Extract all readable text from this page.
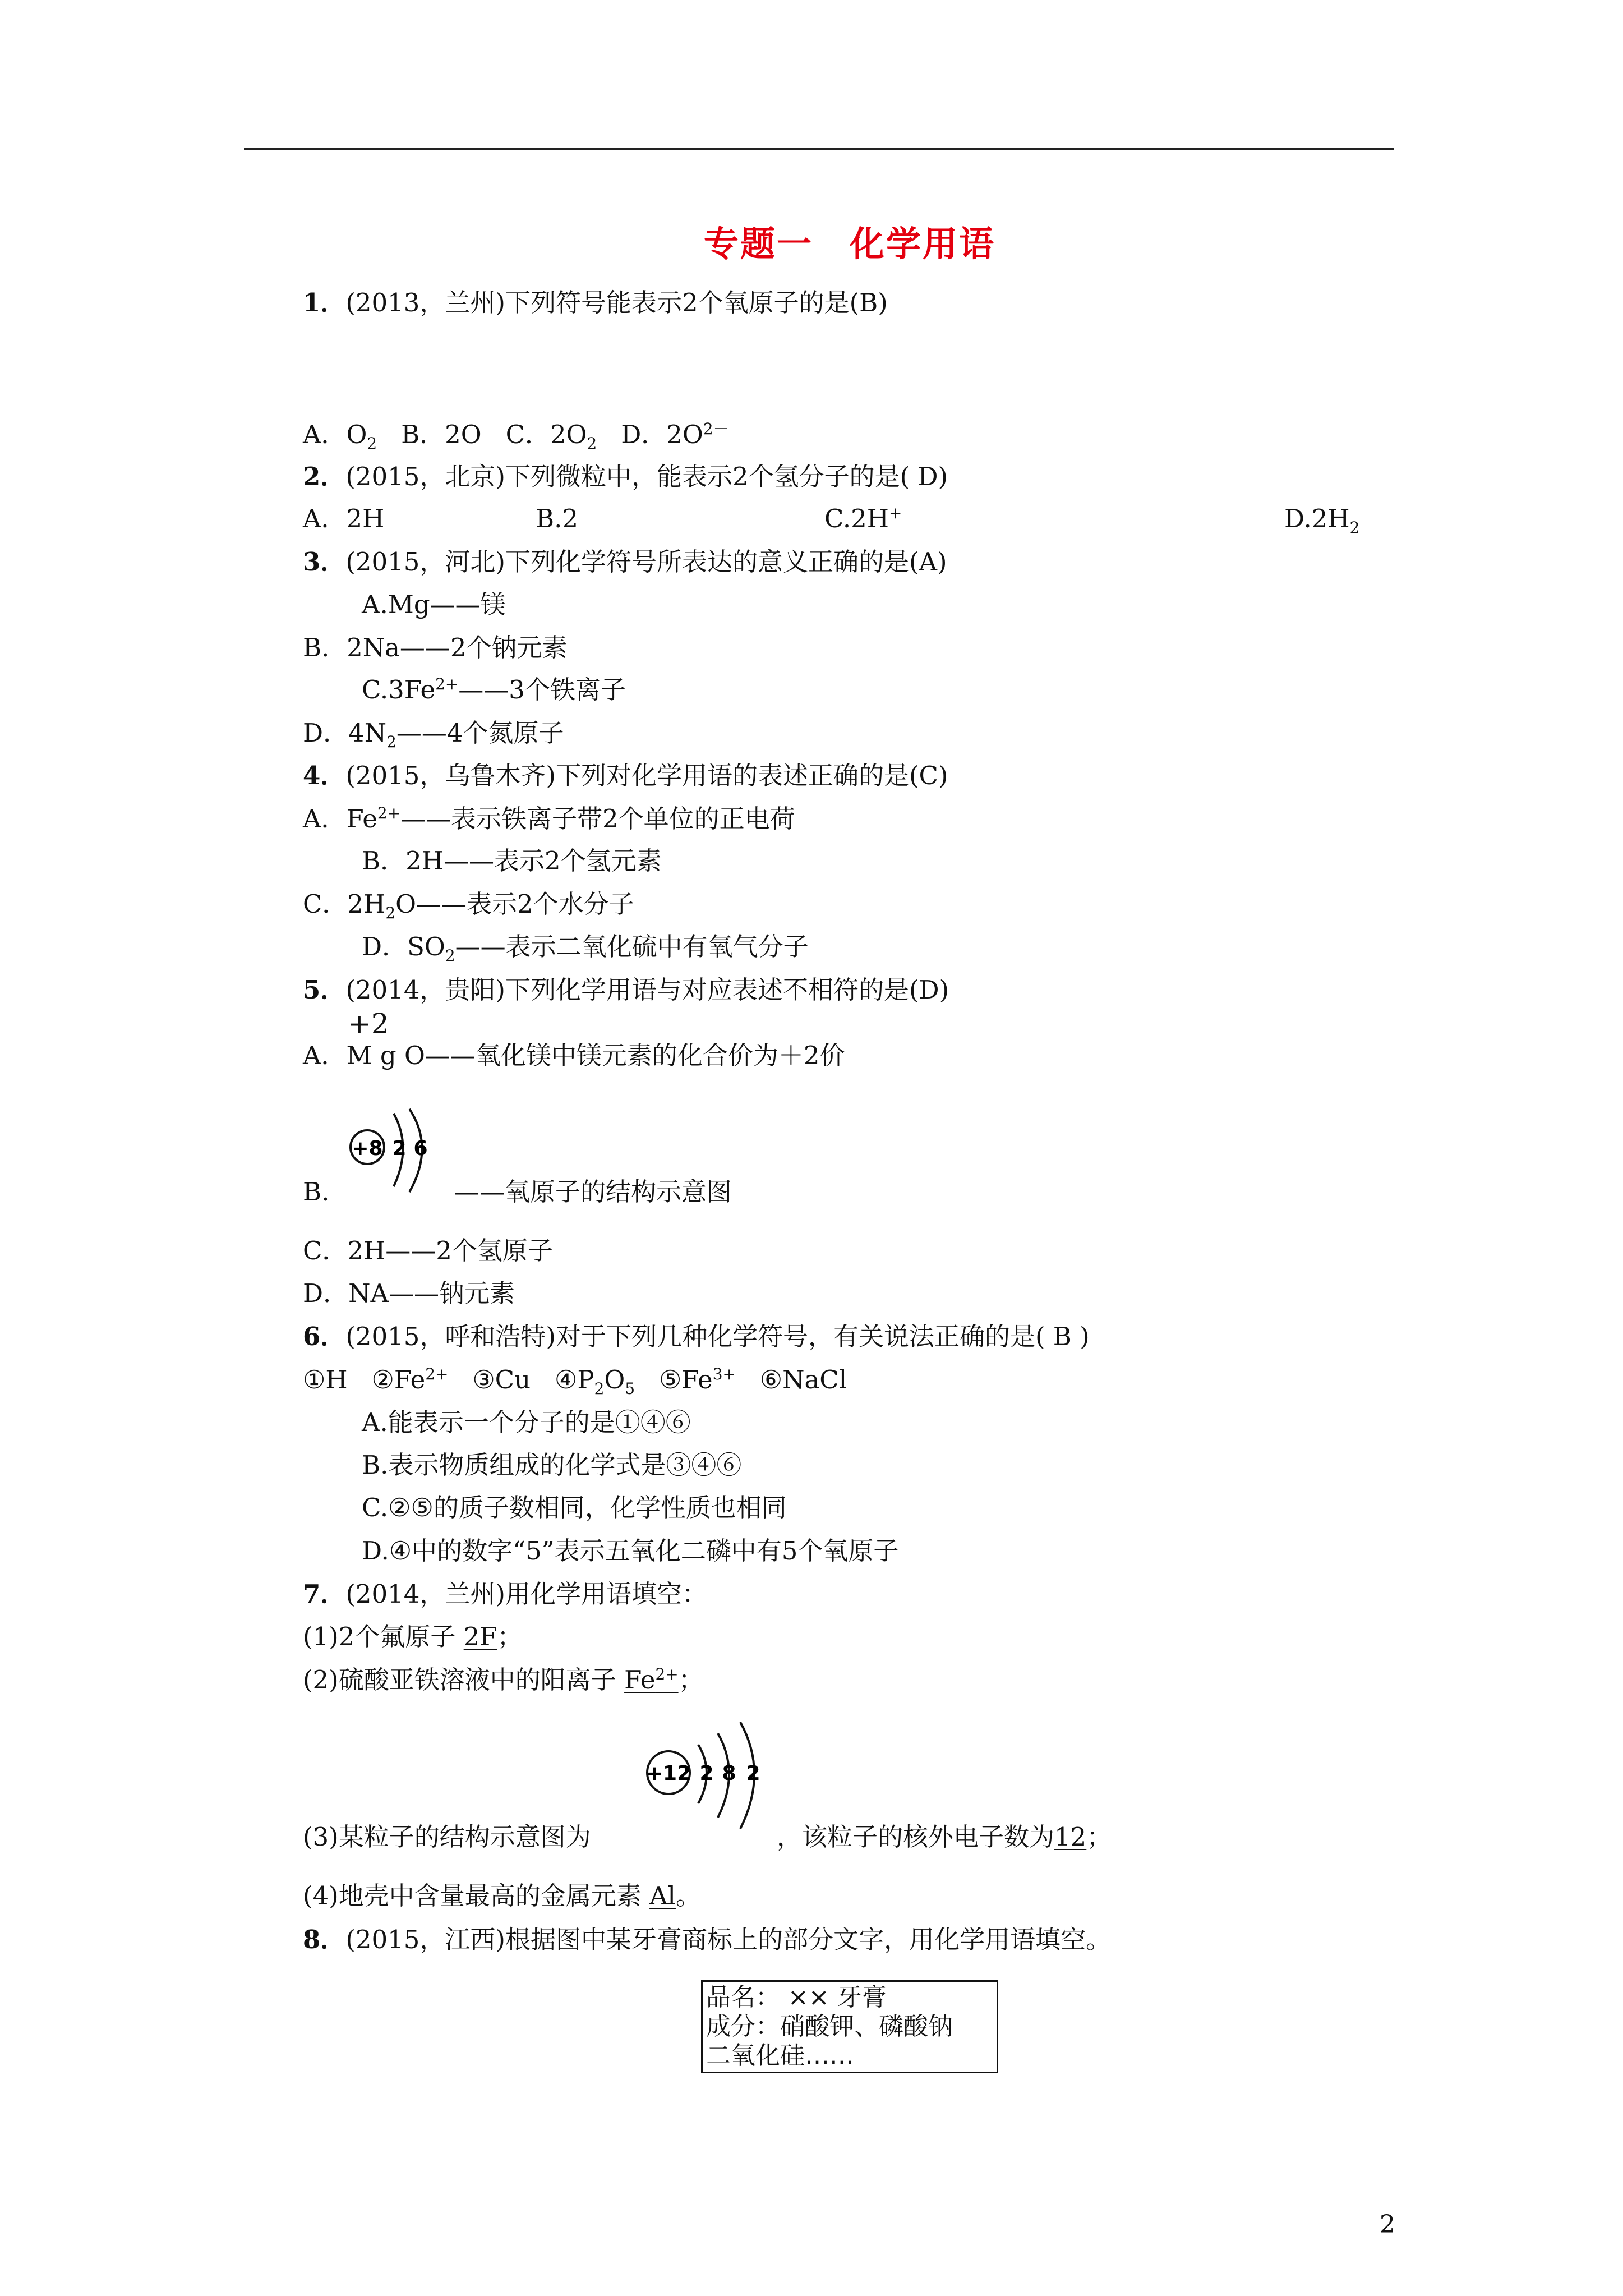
专题一　化学用语
1．(2013，兰州)下列符号能表示2个氧原子的是(B)
A．$O_2$ B．2O C．$2O_2$ D．$2O^{2-}$
2．(2015，北京)下列微粒中，能表示2个氢分子的是( D)
A．2H	B.2	C.2H+	$D.2H_2$
3．(2015，河北)下列化学符号所表达的意义正确的是(A)
A.Mg——镁
B．2Na——2个钠元素
$C.3Fe^{2+}——3$个铁离子
D．$4N_2——4$个氮原子
4．(2015，乌鲁木齐)下列对化学用语的表述正确的是(C)
A．$Fe^{2+}——$表示铁离子带2个单位的正电荷
B．2H——表示2个氢元素
C．$2H_2O——$表示2个水分子
D．$SO_2——$表示二氧化硫中有氧气分子
5．(2014，贵阳)下列化学用语与对应表述不相符的是(D)
+2
A．M g O——氧化镁中镁元素的化合价为＋2价
+8 2 6
B.	——氧原子的结构示意图
C．2H——2个氢原子
D．NA——钠元素
6．(2015，呼和浩特)对于下列几种化学符号，有关说法正确的是( B )
①H $②Fe^{2+}$ ③Cu $④P_2O_5$ $⑤Fe^{3+}$ ⑥NaCl
A.能表示一个分子的是①④⑥
B.表示物质组成的化学式是③④⑥
C.②⑤的质子数相同，化学性质也相同
D.④中的数字“5”表示五氧化二磷中有5个氧原子
7．(2014，兰州)用化学用语填空：
(1)2个氟原子 2F；
(2)硫酸亚铁溶液中的阳离子 $Fe^{2+}$；
+12 2 8 2
(3)某粒子的结构示意图为	，该粒子的核外电子数为12；
(4)地壳中含量最高的金属元素 Al。
8．(2015，江西)根据图中某牙膏商标上的部分文字，用化学用语填空。
品名： ×× 牙膏
成分：硝酸钾、磷酸钠
二氧化硅……
2
